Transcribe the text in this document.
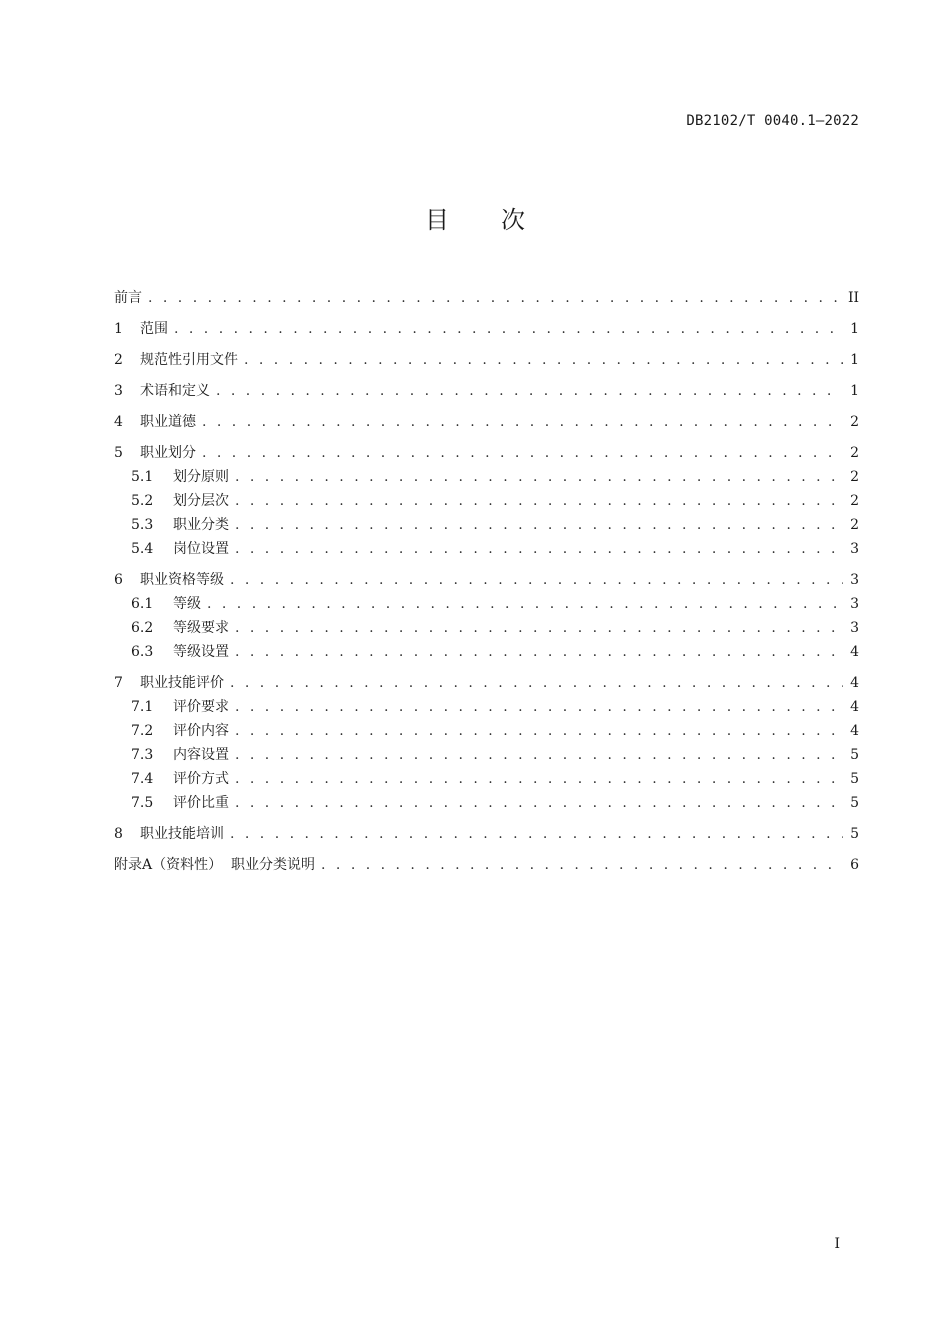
DB2102/T 0040.1—2022
目 次
前言 . . .	II
1	范围 . . .	1
2	规范性引用文件 . . .	1
3	术语和定义 . . .	1
4	职业道德 . . .	2
5	职业划分 . . .	2
5.1	划分原则 . . .	2
5.2	划分层次 . . .	2
5.3	职业分类 . . .	2
5.4	岗位设置 . . .	3
6	职业资格等级 . . .	3
6.1	等级 . . .	3
6.2	等级要求 . . .	3
6.3	等级设置 . . .	4
7	职业技能评价 . . .	4
7.1	评价要求 . . .	4
7.2	评价内容 . . .	4
7.3	内容设置 . . .	5
7.4	评价方式 . . .	5
7.5	评价比重 . . .	5
8	职业技能培训 . . .	5
附录A（资料性）  职业分类说明 . . .	6
I
